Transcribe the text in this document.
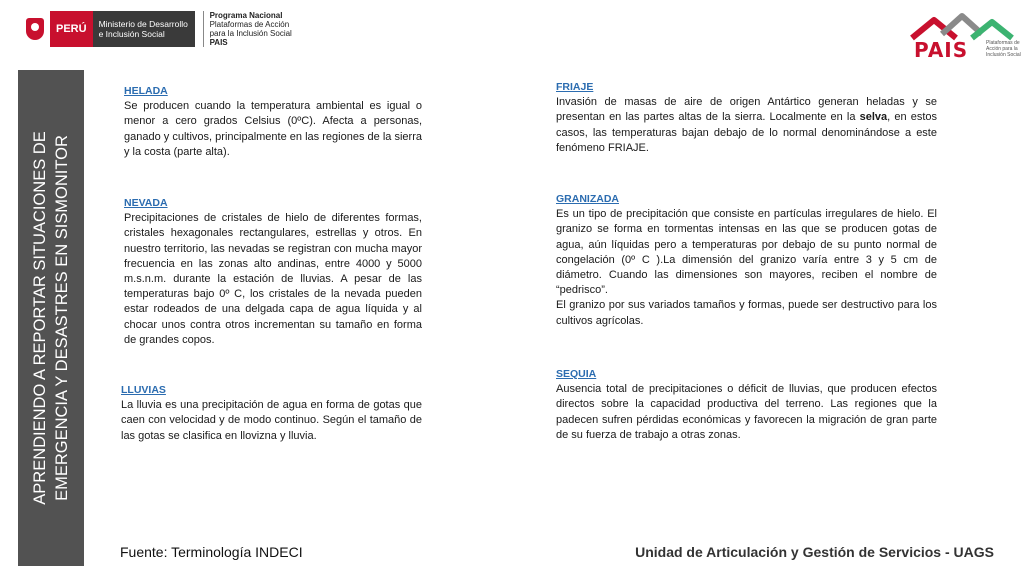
PERÚ	Ministerio de Desarrollo
e Inclusión Social
Programa Nacional
Plataformas de Acción
para la Inclusión Social
PAIS	PAIS	Plataformas de Acción para la Inclusión Social
APRENDIENDO A REPORTAR SITUACIONES DE EMERGENCIA Y DESASTRES EN SISMONITOR
HELADA
Se producen cuando la temperatura ambiental es igual o menor a cero grados Celsius (0ºC). Afecta a personas, ganado y cultivos, principalmente en las regiones de la sierra y la costa (parte alta).
NEVADA
Precipitaciones de cristales de hielo de diferentes formas, cristales hexagonales rectangulares, estrellas y otros. En nuestro territorio, las nevadas se registran con mucha mayor frecuencia en las zonas alto andinas, entre 4000 y 5000 m.s.n.m. durante la estación de lluvias. A pesar de las temperaturas bajo 0º C, los cristales de la nevada pueden estar rodeados de una delgada capa de agua líquida y al chocar unos contra otros incrementan su tamaño en forma de grandes copos.
LLUVIAS
La lluvia es una precipitación de agua en forma de gotas que caen con velocidad y de modo continuo. Según el tamaño de las gotas se clasifica en llovizna y lluvia.
FRIAJE
Invasión de masas de aire de origen Antártico generan heladas y se presentan en las partes altas de la sierra. Localmente en la selva, en estos casos, las temperaturas bajan debajo de lo normal denominándose a este fenómeno FRIAJE.
GRANIZADA
Es un tipo de precipitación que consiste en partículas irregulares de hielo. El granizo se forma en tormentas intensas en las que se producen gotas de agua, aún líquidas pero a temperaturas por debajo de su punto normal de congelación (0º C ).La dimensión del granizo varía entre 3 y 5 cm de diámetro. Cuando las dimensiones son mayores, reciben el nombre de “pedrisco”.
El granizo por sus variados tamaños y formas, puede ser destructivo para los cultivos agrícolas.
SEQUIA
Ausencia total de precipitaciones o déficit de lluvias, que producen efectos directos sobre la capacidad productiva del terreno. Las regiones que la padecen sufren pérdidas económicas y favorecen la migración de gran parte de su fuerza de trabajo a otras zonas.
Fuente: Terminología INDECI	Unidad de Articulación y Gestión de Servicios - UAGS
